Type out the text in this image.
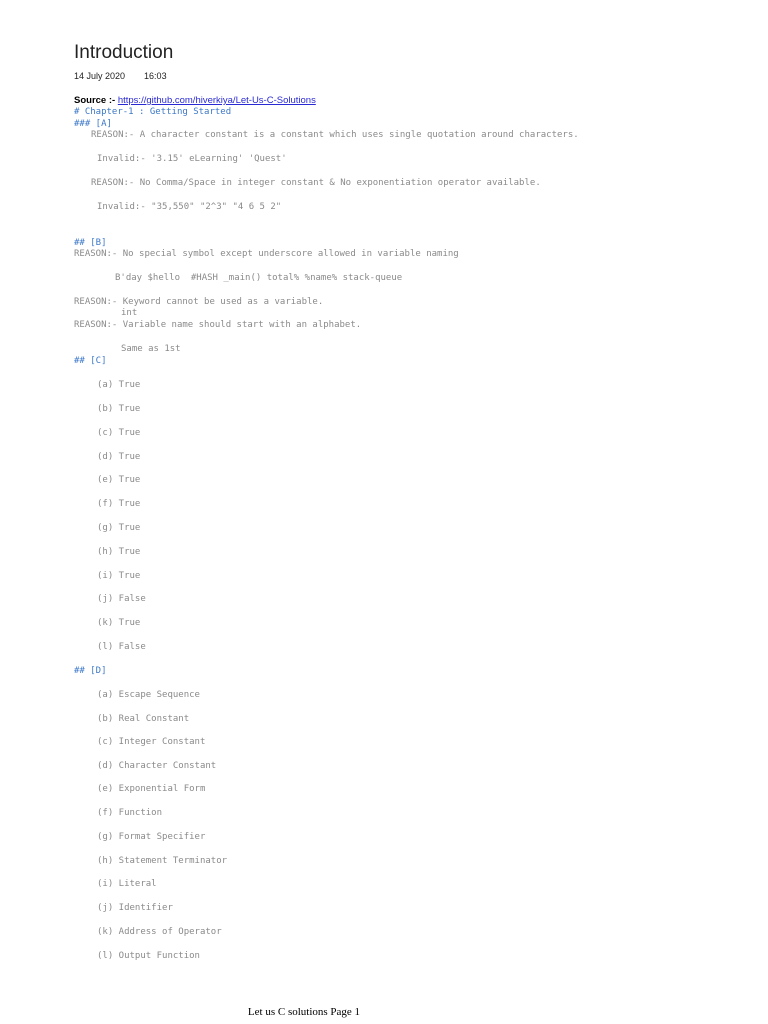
Introduction
14 July 2020 16:03
Source :- https://github.com/hiverkiya/Let-Us-C-Solutions
# Chapter-1 : Getting Started
### [A]
REASON:- A character constant is a constant which uses single quotation around characters.
Invalid:- '3.15' eLearning' 'Quest'
REASON:- No Comma/Space in integer constant & No exponentiation operator available.
Invalid:- "35,550" "2^3" "4 6 5 2"
## [B]
REASON:- No special symbol except underscore allowed in variable naming
B'day $hello  #HASH _main() total% %name% stack-queue
REASON:- Keyword cannot be used as a variable.
int
REASON:- Variable name should start with an alphabet.
Same as 1st
## [C]
(a) True
(b) True
(c) True
(d) True
(e) True
(f) True
(g) True
(h) True
(i) True
(j) False
(k) True
(l) False
## [D]
(a) Escape Sequence
(b) Real Constant
(c) Integer Constant
(d) Character Constant
(e) Exponential Form
(f) Function
(g) Format Specifier
(h) Statement Terminator
(i) Literal
(j) Identifier
(k) Address of Operator
(l) Output Function
Let us C solutions Page 1
